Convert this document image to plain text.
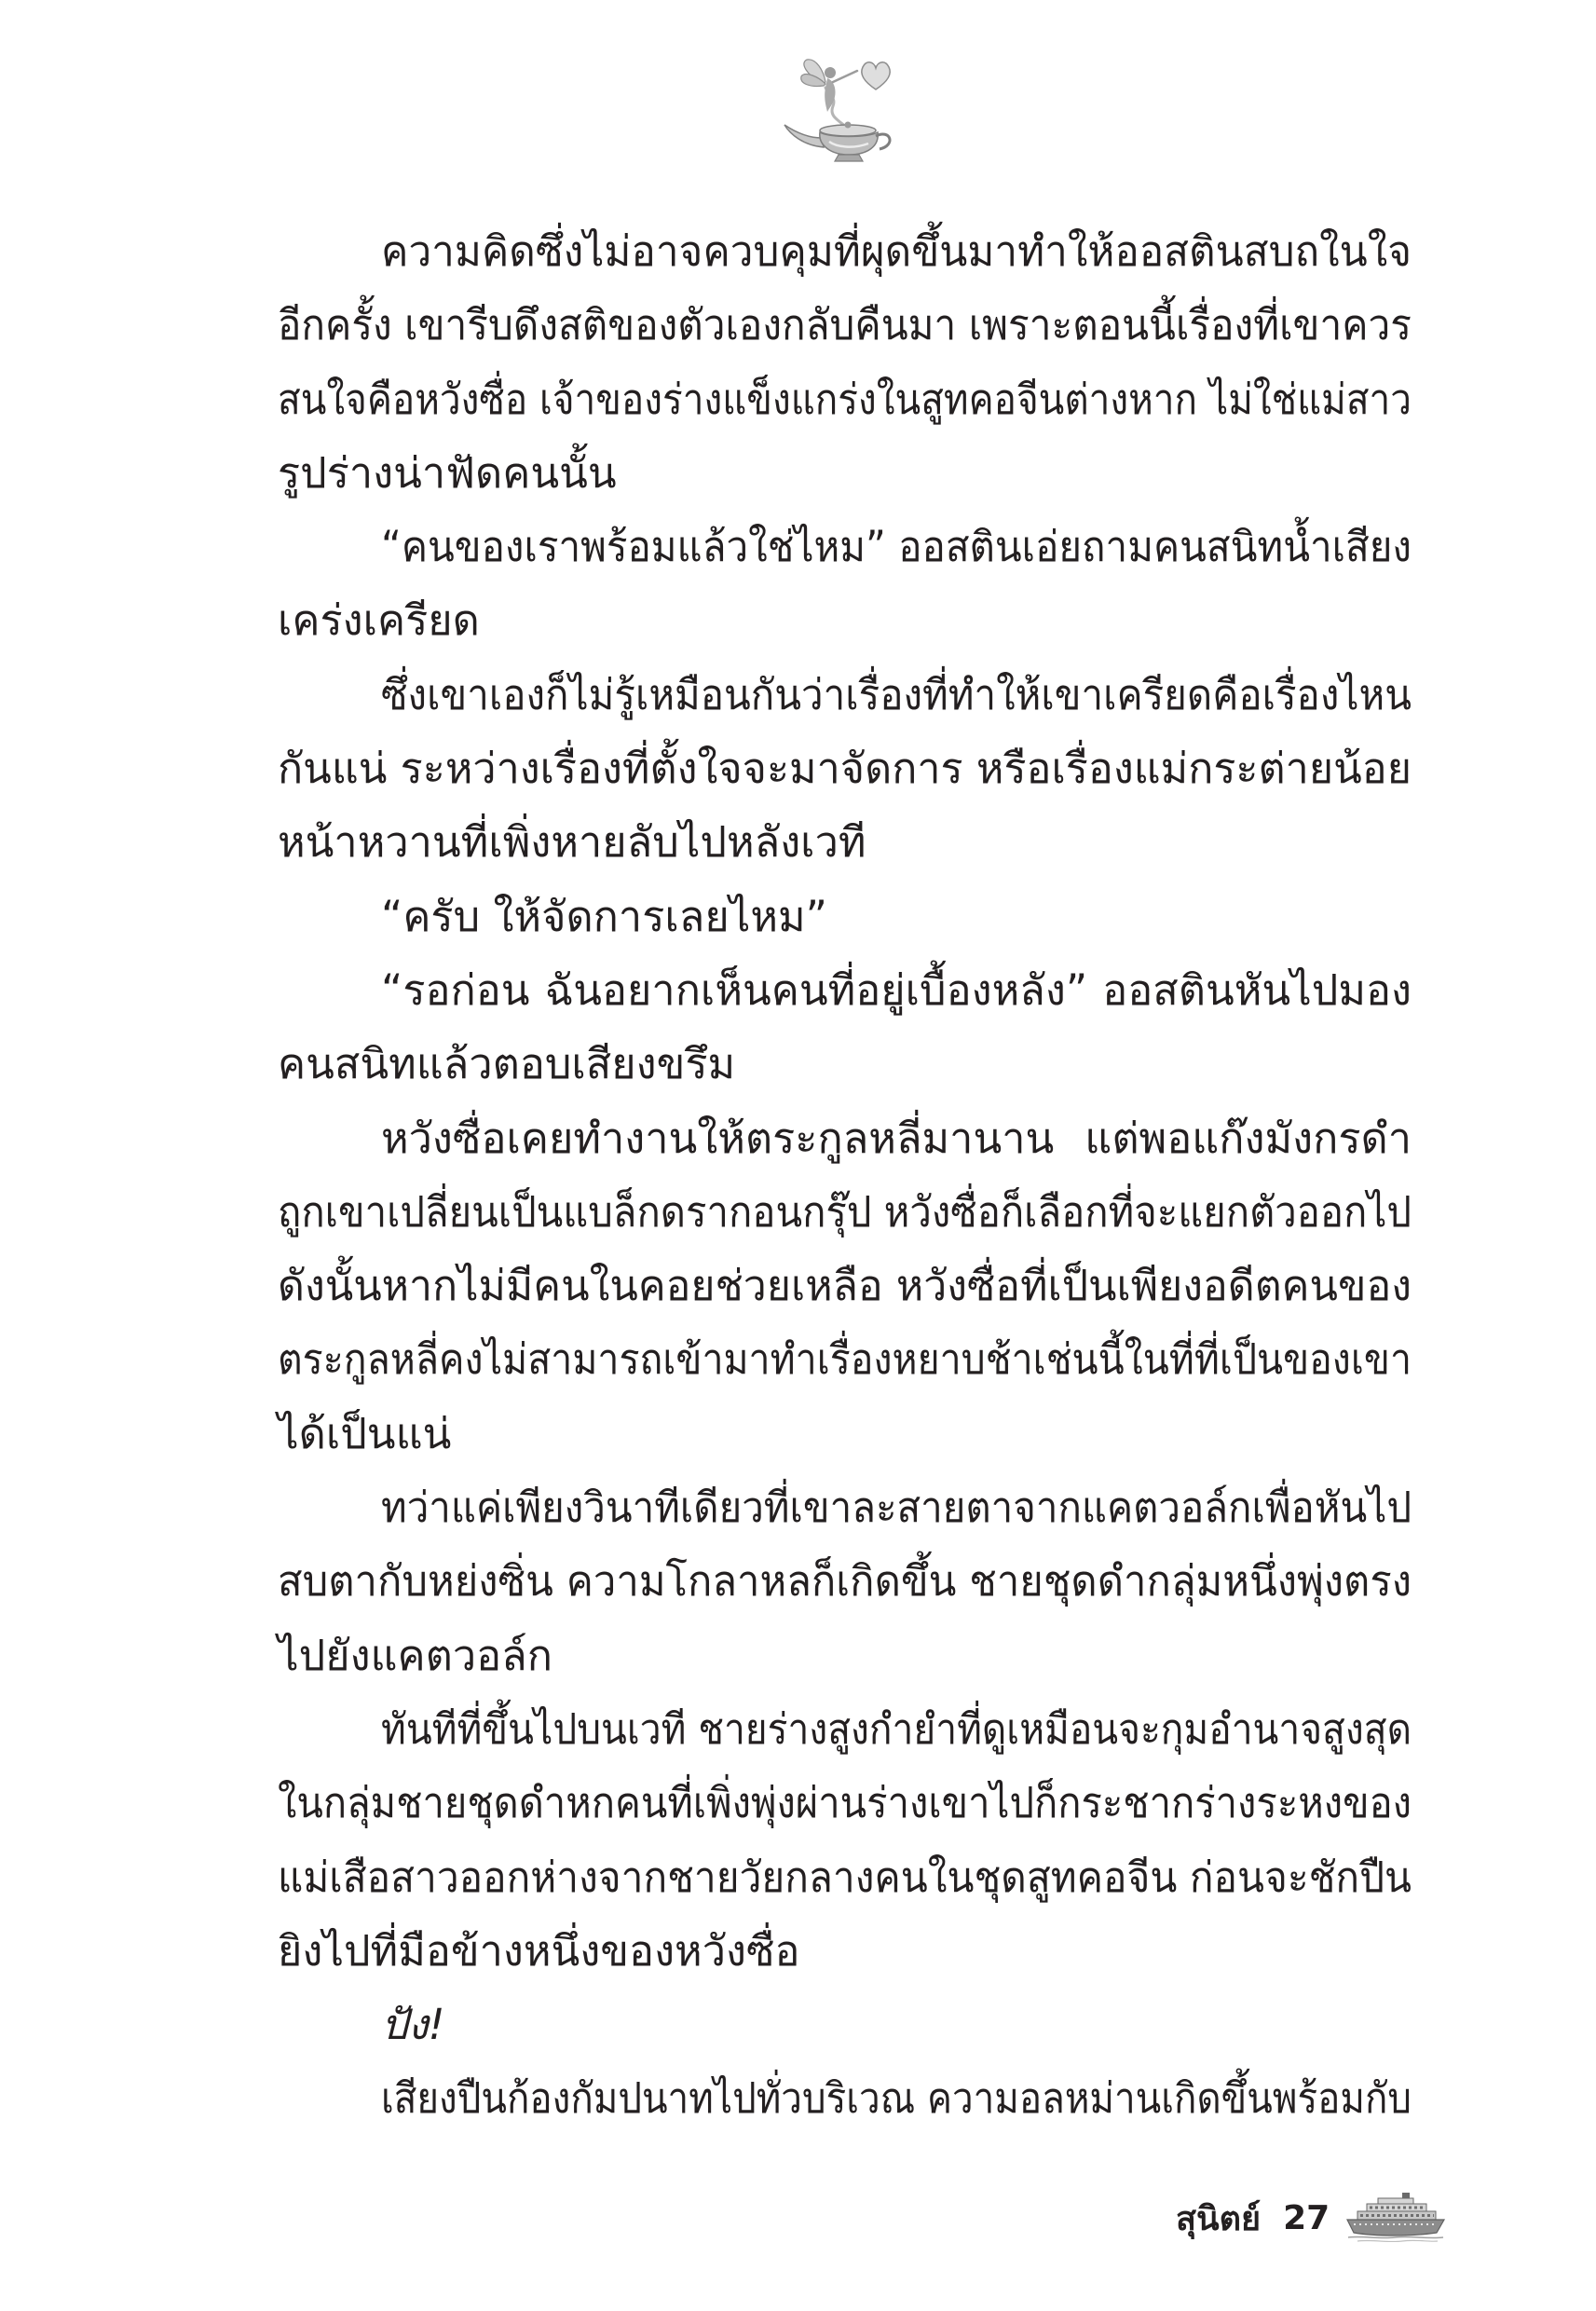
ความคิดซึ่งไม่อาจควบคุมที่ผุดขึ้นมาทำให้ออสตินสบถในใจ
อีกครั้ง เขารีบดึงสติของตัวเองกลับคืนมา เพราะตอนนี้เรื่องที่เขาควร
สนใจคือหวังซื่อ เจ้าของร่างแข็งแกร่งในสูทคอจีนต่างหาก ไม่ใช่แม่สาว
รูปร่างน่าฟัดคนนั้น
“คนของเราพร้อมแล้วใช่ไหม” ออสตินเอ่ยถามคนสนิทน้ำเสียง
เคร่งเครียด
ซึ่งเขาเองก็ไม่รู้เหมือนกันว่าเรื่องที่ทำให้เขาเครียดคือเรื่องไหน
กันแน่ ระหว่างเรื่องที่ตั้งใจจะมาจัดการ หรือเรื่องแม่กระต่ายน้อย
หน้าหวานที่เพิ่งหายลับไปหลังเวที
“ครับ ให้จัดการเลยไหม”
“รอก่อน ฉันอยากเห็นคนที่อยู่เบื้องหลัง” ออสตินหันไปมอง
คนสนิทแล้วตอบเสียงขรึม
หวังซื่อเคยทำงานให้ตระกูลหลี่มานาน แต่พอแก๊งมังกรดำ
ถูกเขาเปลี่ยนเป็นแบล็กดรากอนกรุ๊ป หวังซื่อก็เลือกที่จะแยกตัวออกไป
ดังนั้นหากไม่มีคนในคอยช่วยเหลือ หวังซื่อที่เป็นเพียงอดีตคนของ
ตระกูลหลี่คงไม่สามารถเข้ามาทำเรื่องหยาบช้าเช่นนี้ในที่ที่เป็นของเขา
ได้เป็นแน่
ทว่าแค่เพียงวินาทีเดียวที่เขาละสายตาจากแคตวอล์กเพื่อหันไป
สบตากับหย่งซิ่น ความโกลาหลก็เกิดขึ้น ชายชุดดำกลุ่มหนึ่งพุ่งตรง
ไปยังแคตวอล์ก
ทันทีที่ขึ้นไปบนเวที ชายร่างสูงกำยำที่ดูเหมือนจะกุมอำนาจสูงสุด
ในกลุ่มชายชุดดำหกคนที่เพิ่งพุ่งผ่านร่างเขาไปก็กระชากร่างระหงของ
แม่เสือสาวออกห่างจากชายวัยกลางคนในชุดสูทคอจีน ก่อนจะชักปืน
ยิงไปที่มือข้างหนึ่งของหวังซื่อ
ปัง!
เสียงปืนก้องกัมปนาทไปทั่วบริเวณ ความอลหม่านเกิดขึ้นพร้อมกับ
สุนิตย์ 27
